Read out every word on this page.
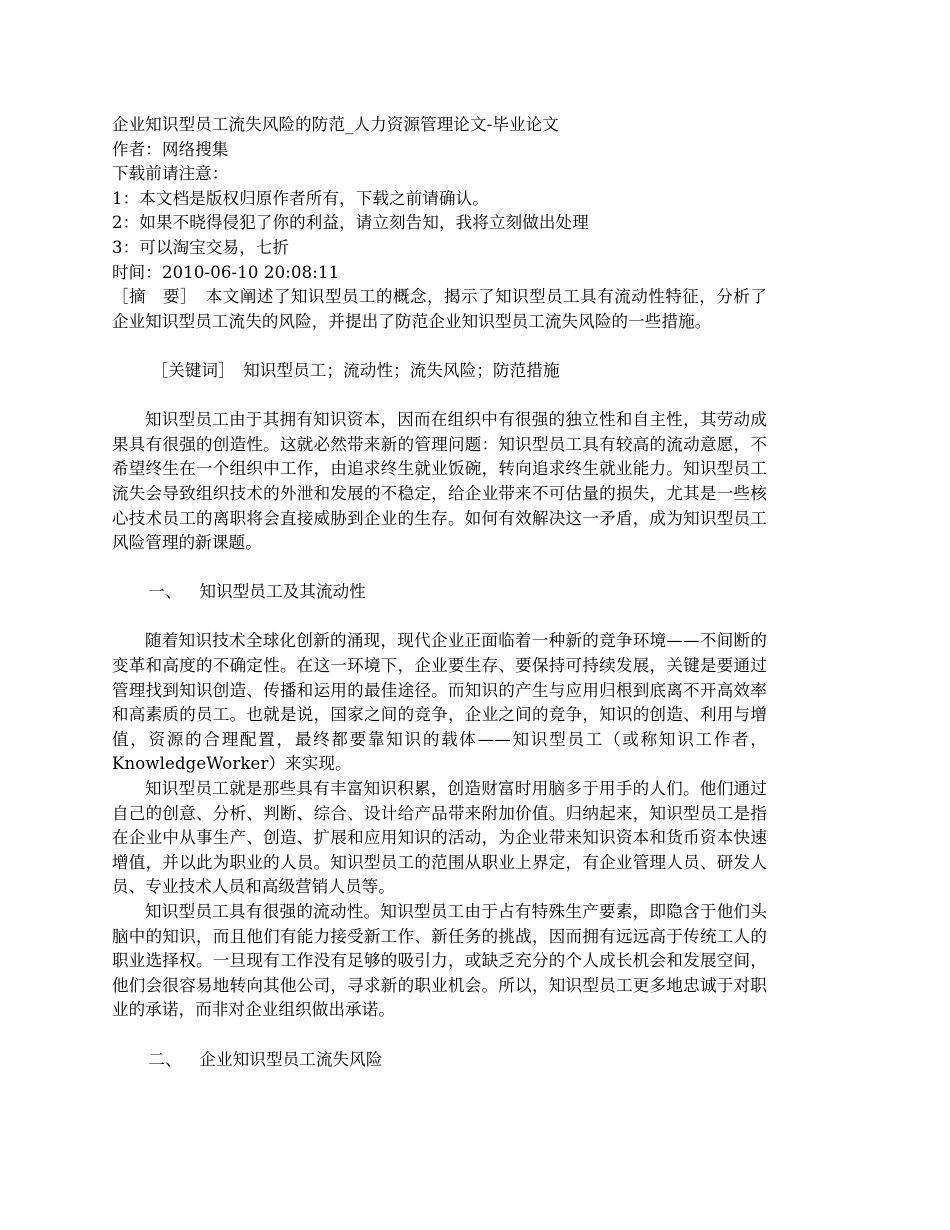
企业知识型员工流失风险的防范_人力资源管理论文-毕业论文
作者：网络搜集
下载前请注意：
1：本文档是版权归原作者所有，下载之前请确认。
2：如果不晓得侵犯了你的利益，请立刻告知，我将立刻做出处理
3：可以淘宝交易，七折
时间：2010-06-10 20:08:11

［摘　要］　本文阐述了知识型员工的概念，揭示了知识型员工具有流动性特征，分析了企业知识型员工流失的风险，并提出了防范企业知识型员工流失风险的一些措施。

［关键词］　知识型员工；流动性；流失风险；防范措施

知识型员工由于其拥有知识资本，因而在组织中有很强的独立性和自主性，其劳动成果具有很强的创造性。这就必然带来新的管理问题：知识型员工具有较高的流动意愿，不希望终生在一个组织中工作，由追求终生就业饭碗，转向追求终生就业能力。知识型员工流失会导致组织技术的外泄和发展的不稳定，给企业带来不可估量的损失，尤其是一些核心技术员工的离职将会直接威胁到企业的生存。如何有效解决这一矛盾，成为知识型员工风险管理的新课题。

一、 知识型员工及其流动性

随着知识技术全球化创新的涌现，现代企业正面临着一种新的竞争环境——不间断的变革和高度的不确定性。在这一环境下，企业要生存、要保持可持续发展，关键是要通过管理找到知识创造、传播和运用的最佳途径。而知识的产生与应用归根到底离不开高效率和高素质的员工。也就是说，国家之间的竞争，企业之间的竞争，知识的创造、利用与增值，资源的合理配置，最终都要靠知识的载体——知识型员工（或称知识工作者，KnowledgeWorker）来实现。

知识型员工就是那些具有丰富知识积累，创造财富时用脑多于用手的人们。他们通过自己的创意、分析、判断、综合、设计给产品带来附加价值。归纳起来，知识型员工是指在企业中从事生产、创造、扩展和应用知识的活动，为企业带来知识资本和货币资本快速增值，并以此为职业的人员。知识型员工的范围从职业上界定，有企业管理人员、研发人员、专业技术人员和高级营销人员等。

知识型员工具有很强的流动性。知识型员工由于占有特殊生产要素，即隐含于他们头脑中的知识，而且他们有能力接受新工作、新任务的挑战，因而拥有远远高于传统工人的职业选择权。一旦现有工作没有足够的吸引力，或缺乏充分的个人成长机会和发展空间，他们会很容易地转向其他公司，寻求新的职业机会。所以，知识型员工更多地忠诚于对职业的承诺，而非对企业组织做出承诺。

二、 企业知识型员工流失风险
